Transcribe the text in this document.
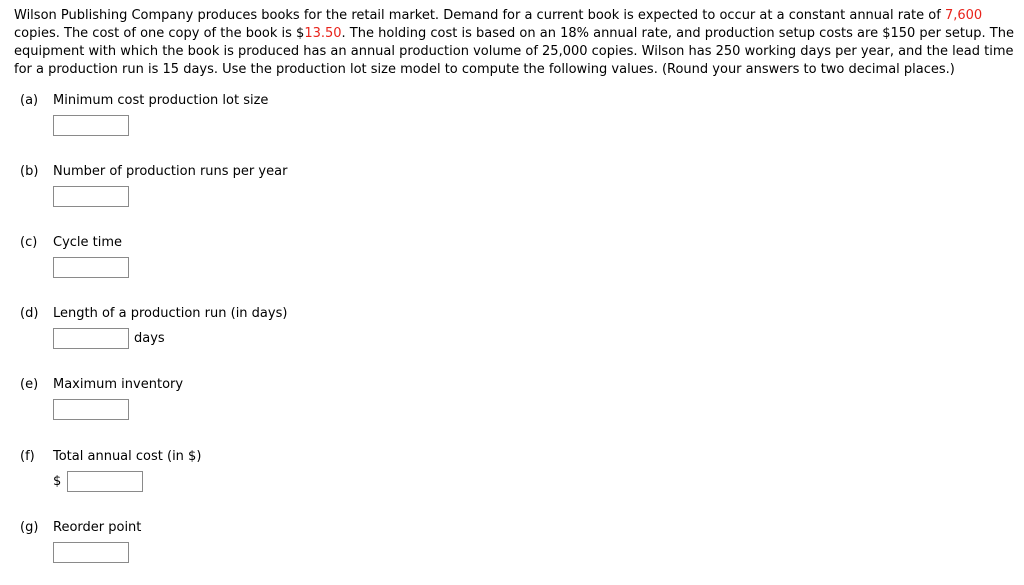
Wilson Publishing Company produces books for the retail market. Demand for a current book is expected to occur at a constant annual rate of 7,600 copies. The cost of one copy of the book is $13.50. The holding cost is based on an 18% annual rate, and production setup costs are $150 per setup. The equipment with which the book is produced has an annual production volume of 25,000 copies. Wilson has 250 working days per year, and the lead time for a production run is 15 days. Use the production lot size model to compute the following values. (Round your answers to two decimal places.)
(a) Minimum cost production lot size
(b) Number of production runs per year
(c) Cycle time
(d) Length of a production run (in days)
days
(e) Maximum inventory
(f) Total annual cost (in $)
$
(g) Reorder point
